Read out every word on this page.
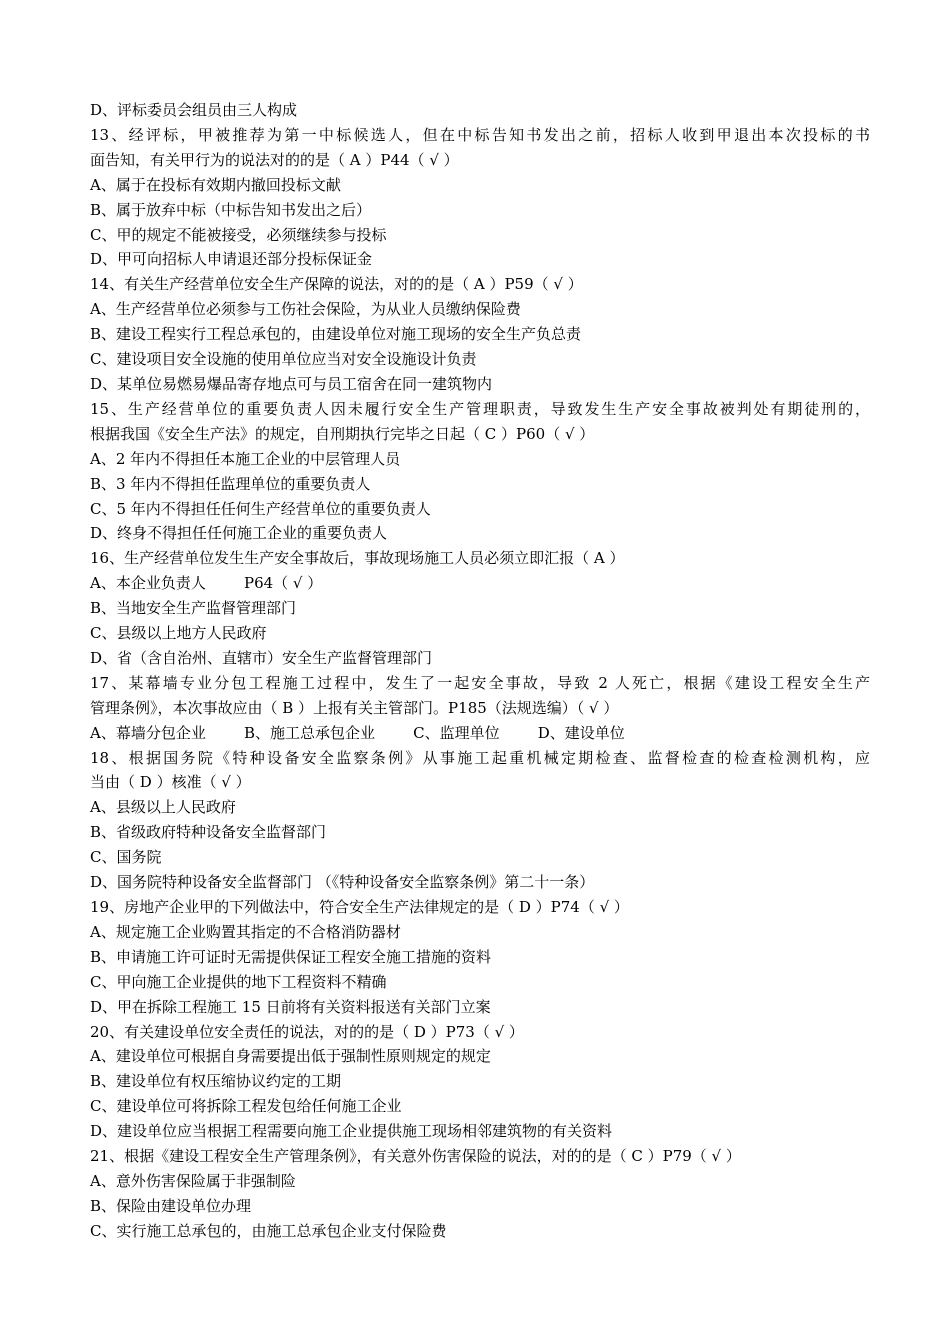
D、评标委员会组员由三人构成
13、经评标，甲被推荐为第一中标候选人，但在中标告知书发出之前，招标人收到甲退出本次投标的书
面告知，有关甲行为的说法对的的是（ A ）P44（ √ ）
A、属于在投标有效期内撤回投标文献
B、属于放弃中标（中标告知书发出之后）
C、甲的规定不能被接受，必须继续参与投标
D、甲可向招标人申请退还部分投标保证金
14、有关生产经营单位安全生产保障的说法，对的的是（ A ）P59（ √ ）
A、生产经营单位必须参与工伤社会保险，为从业人员缴纳保险费
B、建设工程实行工程总承包的，由建设单位对施工现场的安全生产负总责
C、建设项目安全设施的使用单位应当对安全设施设计负责
D、某单位易燃易爆品寄存地点可与员工宿舍在同一建筑物内
15、生产经营单位的重要负责人因未履行安全生产管理职责，导致发生生产安全事故被判处有期徒刑的，
根据我国《安全生产法》的规定，自刑期执行完毕之日起（ C ）P60（ √ ）
A、2 年内不得担任本施工企业的中层管理人员
B、3 年内不得担任监理单位的重要负责人
C、5 年内不得担任任何生产经营单位的重要负责人
D、终身不得担任任何施工企业的重要负责人
16、生产经营单位发生生产安全事故后，事故现场施工人员必须立即汇报（ A ）
A、本企业负责人        P64（ √ ）
B、当地安全生产监督管理部门
C、县级以上地方人民政府
D、省（含自治州、直辖市）安全生产监督管理部门
17、某幕墙专业分包工程施工过程中，发生了一起安全事故，导致 2 人死亡，根据《建设工程安全生产
管理条例》，本次事故应由（ B ）上报有关主管部门。P185（法规选编）（ √ ）
A、幕墙分包企业        B、施工总承包企业        C、监理单位        D、建设单位
18、根据国务院《特种设备安全监察条例》从事施工起重机械定期检查、监督检查的检查检测机构，应
当由（ D ）核准（ √ ）
A、县级以上人民政府
B、省级政府特种设备安全监督部门
C、国务院
D、国务院特种设备安全监督部门 （《特种设备安全监察条例》第二十一条）
19、房地产企业甲的下列做法中，符合安全生产法律规定的是（ D ）P74（ √ ）
A、规定施工企业购置其指定的不合格消防器材
B、申请施工许可证时无需提供保证工程安全施工措施的资料
C、甲向施工企业提供的地下工程资料不精确
D、甲在拆除工程施工 15 日前将有关资料报送有关部门立案
20、有关建设单位安全责任的说法，对的的是（ D ）P73（ √ ）
A、建设单位可根据自身需要提出低于强制性原则规定的规定
B、建设单位有权压缩协议约定的工期
C、建设单位可将拆除工程发包给任何施工企业
D、建设单位应当根据工程需要向施工企业提供施工现场相邻建筑物的有关资料
21、根据《建设工程安全生产管理条例》，有关意外伤害保险的说法，对的的是（ C ）P79（ √ ）
A、意外伤害保险属于非强制险
B、保险由建设单位办理
C、实行施工总承包的，由施工总承包企业支付保险费
